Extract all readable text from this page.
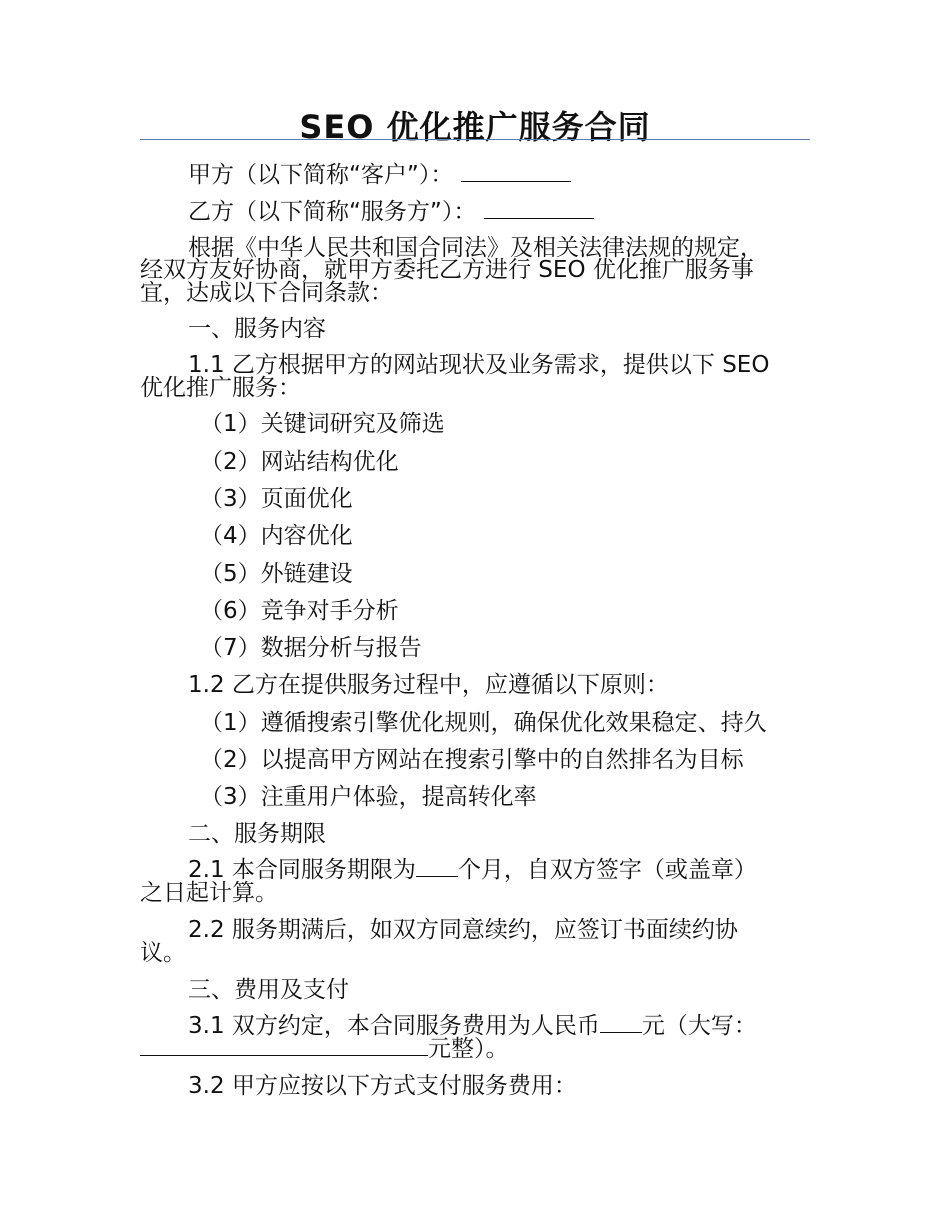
SEO 优化推广服务合同
甲方（以下简称“客户”）：
乙方（以下简称“服务方”）：
根据《中华人民共和国合同法》及相关法律法规的规定，
经双方友好协商，就甲方委托乙方进行 SEO 优化推广服务事
宜，达成以下合同条款：
一、服务内容
1.1 乙方根据甲方的网站现状及业务需求，提供以下 SEO
优化推广服务：
（1）关键词研究及筛选
（2）网站结构优化
（3）页面优化
（4）内容优化
（5）外链建设
（6）竞争对手分析
（7）数据分析与报告
1.2 乙方在提供服务过程中，应遵循以下原则：
（1）遵循搜索引擎优化规则，确保优化效果稳定、持久
（2）以提高甲方网站在搜索引擎中的自然排名为目标
（3）注重用户体验，提高转化率
二、服务期限
2.1 本合同服务期限为 个月，自双方签字（或盖章）
之日起计算。
2.2 服务期满后，如双方同意续约，应签订书面续约协
议。
三、费用及支付
3.1 双方约定，本合同服务费用为人民币 元（大写：
元整）。
3.2 甲方应按以下方式支付服务费用：
